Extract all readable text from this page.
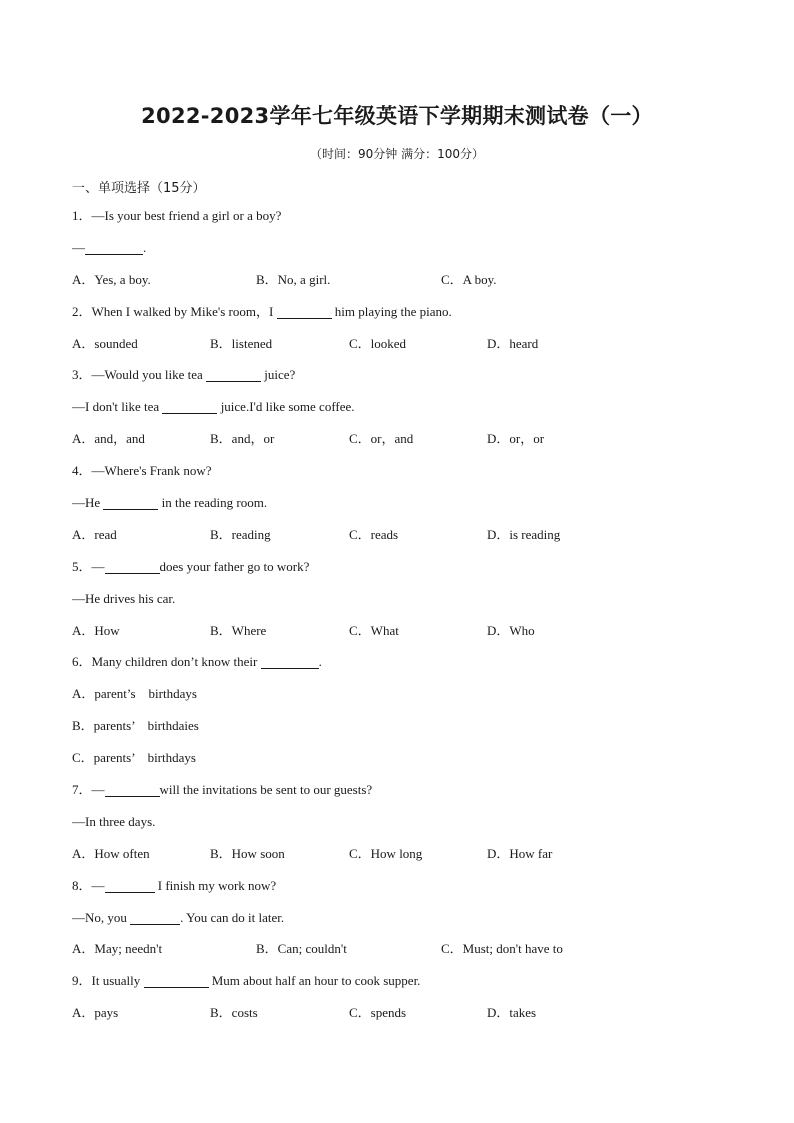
2022-2023学年七年级英语下学期期末测试卷（一）
（时间：90分钟 满分：100分）
一、单项选择（15分）
1．—Is your best friend a girl or a boy?
—	.
A．Yes, a boy.	B．No, a girl.	C．A boy.
2．When I walked by Mike's room，I	him playing the piano.
A．sounded	B．listened	C．looked	D．heard
3．—Would you like tea	juice?
—I don't like tea	juice.I'd like some coffee.
A．and，and	B．and，or	C．or，and	D．or，or
4．—Where's Frank now?
—He	in the reading room.
A．read	B．reading	C．reads	D．is reading
5．—	does your father go to work?
—He drives his car.
A．How	B．Where	C．What	D．Who
6．Many children don’t know their	.
A．parent’s　birthdays
B．parents’　birthdaies
C．parents’　birthdays
7．—	will the invitations be sent to our guests?
—In three days.
A．How often	B．How soon	C．How long	D．How far
8．—	I finish my work now?
—No, you	. You can do it later.
A．May; needn't	B．Can; couldn't	C．Must; don't have to
9．It usually	Mum about half an hour to cook supper.
A．pays	B．costs	C．spends	D．takes
